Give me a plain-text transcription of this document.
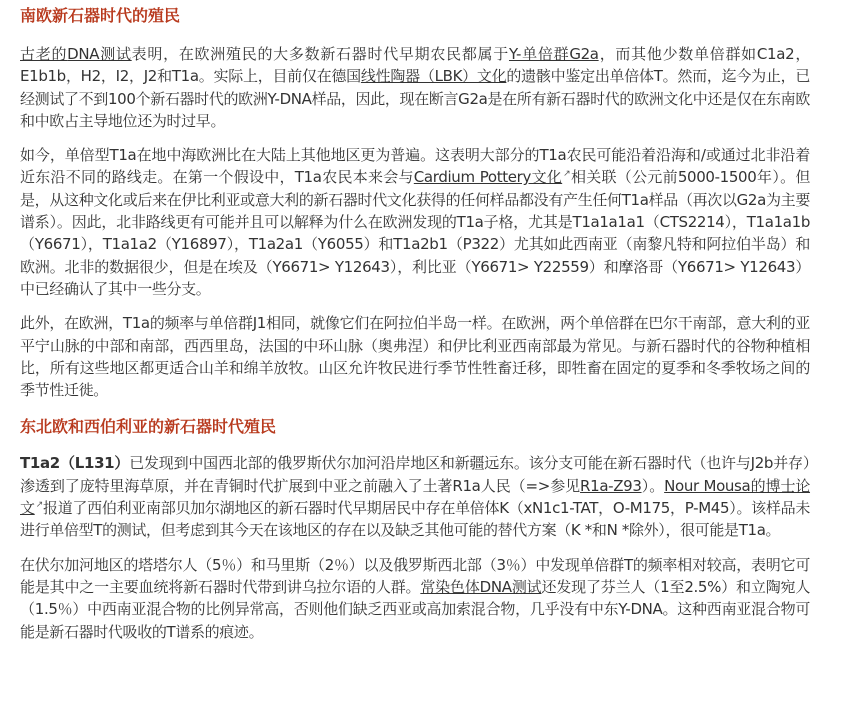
南欧新石器时代的殖民

古老的DNA测试表明，在欧洲殖民的大多数新石器时代早期农民都属于Y-单倍群G2a，而其他少数单倍群如C1a2，E1b1b，H2，I2，J2和T1a。实际上，目前仅在德国线性陶器（LBK）文化的遗骸中鉴定出单倍体T。然而，迄今为止，已经测试了不到100个新石器时代的欧洲Y-DNA样品，因此，现在断言G2a是在所有新石器时代的欧洲文化中还是仅在东南欧和中欧占主导地位还为时过早。

如今，单倍型T1a在地中海欧洲比在大陆上其他地区更为普遍。这表明大部分的T1a农民可能沿着沿海和/或通过北非沿着近东沿不同的路线走。在第一个假设中，T1a农民本来会与Cardium Pottery文化↗相关联（公元前5000-1500年）。但是，从这种文化或后来在伊比利亚或意大利的新石器时代文化获得的任何样品都没有产生任何T1a样品（再次以G2a为主要谱系）。因此，北非路线更有可能并且可以解释为什么在欧洲发现的T1a子格，尤其是T1a1a1a1（CTS2214），T1a1a1b（Y6671），T1a1a2（Y16897），T1a2a1（Y6055）和T1a2b1（P322）尤其如此西南亚（南黎凡特和阿拉伯半岛）和欧洲。北非的数据很少，但是在埃及（Y6671> Y12643），利比亚（Y6671> Y22559）和摩洛哥（Y6671> Y12643）中已经确认了其中一些分支。

此外，在欧洲，T1a的频率与单倍群J1相同，就像它们在阿拉伯半岛一样。在欧洲，两个单倍群在巴尔干南部，意大利的亚平宁山脉的中部和南部，西西里岛，法国的中环山脉（奥弗涅）和伊比利亚西南部最为常见。与新石器时代的谷物种植相比，所有这些地区都更适合山羊和绵羊放牧。山区允许牧民进行季节性牲畜迁移，即牲畜在固定的夏季和冬季牧场之间的季节性迁徙。

东北欧和西伯利亚的新石器时代殖民

T1a2（L131）已发现到中国西北部的俄罗斯伏尔加河沿岸地区和新疆远东。该分支可能在新石器时代（也许与J2b并存）渗透到了庞特里海草原，并在青铜时代扩展到中亚之前融入了土著R1a人民（=>参见R1a-Z93）。Nour Mousa的博士论文↗报道了西伯利亚南部贝加尔湖地区的新石器时代早期居民中存在单倍体K（xN1c1-TAT，O-M175，P-M45）。该样品未进行单倍型T的测试，但考虑到其今天在该地区的存在以及缺乏其他可能的替代方案（K *和N *除外），很可能是T1a。

在伏尔加河地区的塔塔尔人（5％）和马里斯（2％）以及俄罗斯西北部（3％）中发现单倍群T的频率相对较高，表明它可能是其中之一主要血统将新石器时代带到讲乌拉尔语的人群。常染色体DNA测试还发现了芬兰人（1至2.5%）和立陶宛人（1.5％）中西南亚混合物的比例异常高，否则他们缺乏西亚或高加索混合物，几乎没有中东Y-DNA。这种西南亚混合物可能是新石器时代吸收的T谱系的痕迹。
